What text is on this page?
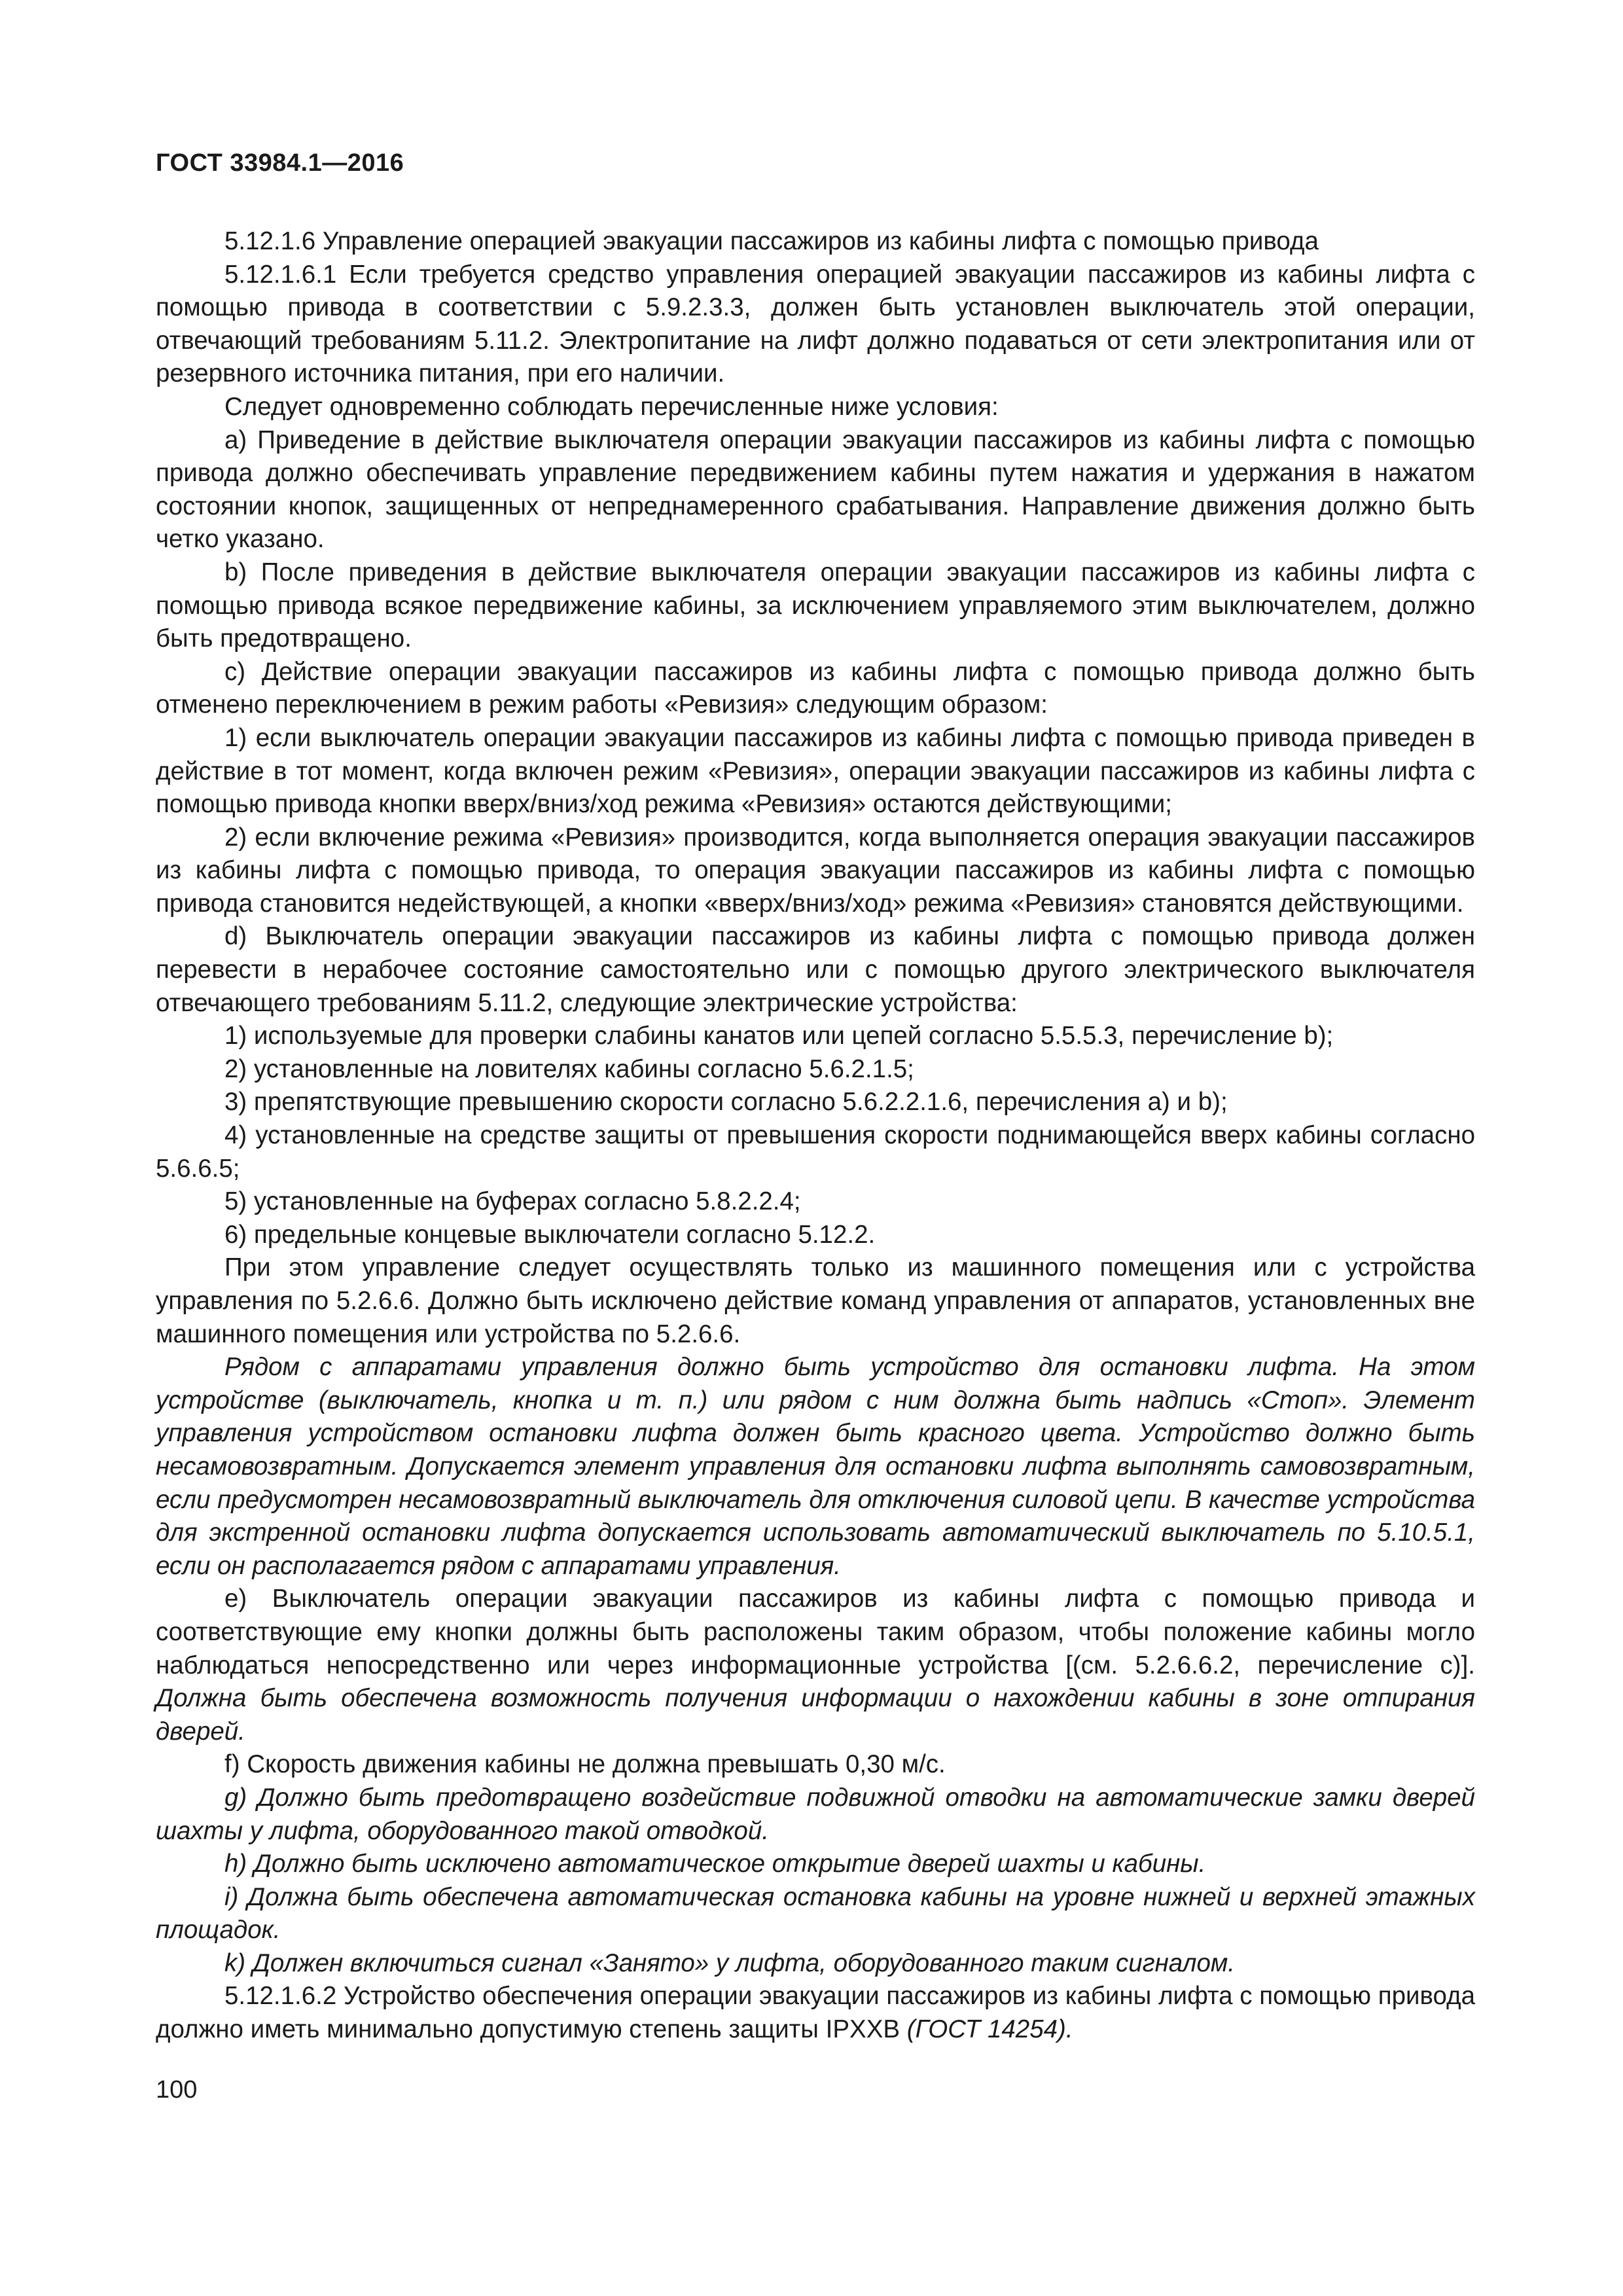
ГОСТ 33984.1—2016

5.12.1.6 Управление операцией эвакуации пассажиров из кабины лифта с помощью привода

5.12.1.6.1 Если требуется средство управления операцией эвакуации пассажиров из кабины лифта с помощью привода в соответствии с 5.9.2.3.3, должен быть установлен выключатель этой операции, отвечающий требованиям 5.11.2. Электропитание на лифт должно подаваться от сети электропитания или от резервного источника питания, при его наличии.

Следует одновременно соблюдать перечисленные ниже условия:

a) Приведение в действие выключателя операции эвакуации пассажиров из кабины лифта с помощью привода должно обеспечивать управление передвижением кабины путем нажатия и удержания в нажатом состоянии кнопок, защищенных от непреднамеренного срабатывания. Направление движения должно быть четко указано.

b) После приведения в действие выключателя операции эвакуации пассажиров из кабины лифта с помощью привода всякое передвижение кабины, за исключением управляемого этим выключателем, должно быть предотвращено.

c) Действие операции эвакуации пассажиров из кабины лифта с помощью привода должно быть отменено переключением в режим работы «Ревизия» следующим образом:

1) если выключатель операции эвакуации пассажиров из кабины лифта с помощью привода приведен в действие в тот момент, когда включен режим «Ревизия», операции эвакуации пассажиров из кабины лифта с помощью привода кнопки вверх/вниз/ход режима «Ревизия» остаются действующими;

2) если включение режима «Ревизия» производится, когда выполняется операция эвакуации пассажиров из кабины лифта с помощью привода, то операция эвакуации пассажиров из кабины лифта с помощью привода становится недействующей, а кнопки «вверх/вниз/ход» режима «Ревизия» становятся действующими.

d) Выключатель операции эвакуации пассажиров из кабины лифта с помощью привода должен перевести в нерабочее состояние самостоятельно или с помощью другого электрического выключателя отвечающего требованиям 5.11.2, следующие электрические устройства:

1) используемые для проверки слабины канатов или цепей согласно 5.5.5.3, перечисление b);

2) установленные на ловителях кабины согласно 5.6.2.1.5;

3) препятствующие превышению скорости согласно 5.6.2.2.1.6, перечисления а) и b);

4) установленные на средстве защиты от превышения скорости поднимающейся вверх кабины согласно 5.6.6.5;

5) установленные на буферах согласно 5.8.2.2.4;

6) предельные концевые выключатели согласно 5.12.2.

При этом управление следует осуществлять только из машинного помещения или с устройства управления по 5.2.6.6. Должно быть исключено действие команд управления от аппаратов, установленных вне машинного помещения или устройства по 5.2.6.6.

Рядом с аппаратами управления должно быть устройство для остановки лифта. На этом устройстве (выключатель, кнопка и т. п.) или рядом с ним должна быть надпись «Стоп». Элемент управления устройством остановки лифта должен быть красного цвета. Устройство должно быть несамовозвратным. Допускается элемент управления для остановки лифта выполнять самовозвратным, если предусмотрен несамовозвратный выключатель для отключения силовой цепи. В качестве устройства для экстренной остановки лифта допускается использовать автоматический выключатель по 5.10.5.1, если он располагается рядом с аппаратами управления.

e) Выключатель операции эвакуации пассажиров из кабины лифта с помощью привода и соответствующие ему кнопки должны быть расположены таким образом, чтобы положение кабины могло наблюдаться непосредственно или через информационные устройства [(см. 5.2.6.6.2, перечисление с)]. Должна быть обеспечена возможность получения информации о нахождении кабины в зоне отпирания дверей.

f) Скорость движения кабины не должна превышать 0,30 м/с.

g) Должно быть предотвращено воздействие подвижной отводки на автоматические замки дверей шахты у лифта, оборудованного такой отводкой.

h) Должно быть исключено автоматическое открытие дверей шахты и кабины.

i) Должна быть обеспечена автоматическая остановка кабины на уровне нижней и верхней этажных площадок.

k) Должен включиться сигнал «Занято» у лифта, оборудованного таким сигналом.

5.12.1.6.2 Устройство обеспечения операции эвакуации пассажиров из кабины лифта с помощью привода должно иметь минимально допустимую степень защиты IPXXB (ГОСТ 14254).

100
